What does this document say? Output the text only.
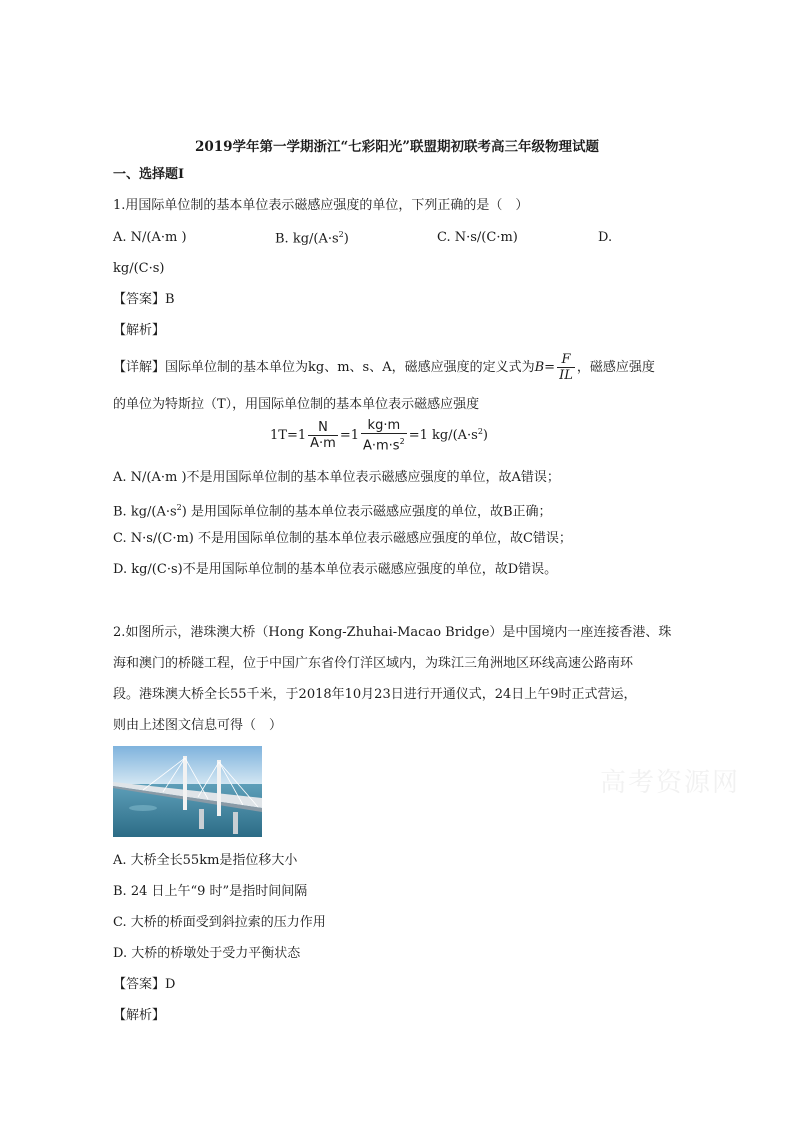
2019学年第一学期浙江“七彩阳光”联盟期初联考高三年级物理试题
一、选择题Ⅰ
1.用国际单位制的基本单位表示磁感应强度的单位，下列正确的是（　）
A. N/(A·m )	B. $kg/(A\cdot s^2)$	C. N·s/(C·m)	D.
kg/(C·s)
【答案】B
【解析】
【详解】国际单位制的基本单位为kg、m、s、A，磁感应强度的定义式为$B= \frac{F}{IL}$ ，磁感应强度
的单位为特斯拉（T），用国际单位制的基本单位表示磁感应强度
$1T=1 \frac{N}{A\cdot m} =1 \frac{kg\cdot m}{A\cdot m\cdot s^2} =1$ $kg/(A\cdot s^2)$
A. N/(A·m )不是用国际单位制的基本单位表示磁感应强度的单位，故A错误；
B. $kg/(A\cdot s^2)$ 是用国际单位制的基本单位表示磁感应强度的单位，故B正确；
C. N·s/(C·m) 不是用国际单位制的基本单位表示磁感应强度的单位，故C错误；
D. kg/(C·s)不是用国际单位制的基本单位表示磁感应强度的单位，故D错误。
2.如图所示，港珠澳大桥（Hong Kong-Zhuhai-Macao Bridge）是中国境内一座连接香港、珠
海和澳门的桥隧工程，位于中国广东省伶仃洋区域内，为珠江三角洲地区环线高速公路南环
段。港珠澳大桥全长55千米，于2018年10月23日进行开通仪式，24日上午9时正式营运，
则由上述图文信息可得（　）
高考资源网
A. 大桥全长55km是指位移大小
B. 24 日上午“9 时”是指时间间隔
C. 大桥的桥面受到斜拉索的压力作用
D. 大桥的桥墩处于受力平衡状态
【答案】D
【解析】
